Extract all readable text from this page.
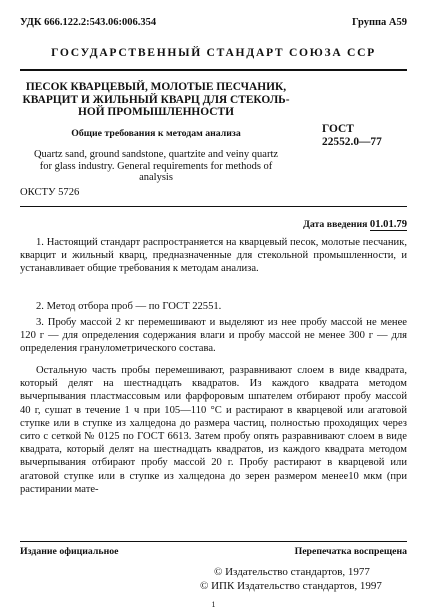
УДК 666.122.2:543.06:006.354	Группа А59
ГОСУДАРСТВЕННЫЙ СТАНДАРТ СОЮЗА ССР
ПЕСОК КВАРЦЕВЫЙ, МОЛОТЫЕ ПЕСЧАНИК,
КВАРЦИТ И ЖИЛЬНЫЙ КВАРЦ ДЛЯ СТЕКОЛЬ-
НОЙ ПРОМЫШЛЕННОСТИ
Общие требования к методам анализа	ГОСТ
22552.0—77
Quartz sand, ground sandstone, quartzite and veiny quartz
for glass industry. General requirements for methods of
analysis
ОКСТУ 5726
Дата введения 01.01.79

1. Настоящий стандарт распространяется на кварцевый песок, молотые песчаник, кварцит и жильный кварц, предназначенные для стекольной промышленности, и устанавливает общие требования к методам анализа.

2. Метод отбора проб — по ГОСТ 22551.

3. Пробу массой 2 кг перемешивают и выделяют из нее пробу массой не менее 120 г — для определения содержания влаги и пробу массой не менее 300 г — для определения гранулометрического состава.

Остальную часть пробы перемешивают, разравнивают слоем в виде квадрата, который делят на шестнадцать квадратов. Из каждого квадрата методом вычерпывания пластмассовым или фарфоровым шпателем отбирают пробу массой 40 г, сушат в течение 1 ч при 105—110 °С и растирают в кварцевой или агатовой ступке или в ступке из халцедона до размера частиц, полностью проходящих через сито с сеткой № 0125 по ГОСТ 6613. Затем пробу опять разравнивают слоем в виде квадрата, который делят на шестнадцать квадратов, из каждого квадрата методом вычерпывания отбирают пробу массой 20 г. Пробу растирают в кварцевой или агатовой ступке или в ступке из халцедона до зерен размером менее10 мкм (при растирании мате-

Издание официальное	Перепечатка воспрещена
© Издательство стандартов, 1977
© ИПК Издательство стандартов, 1997
1
